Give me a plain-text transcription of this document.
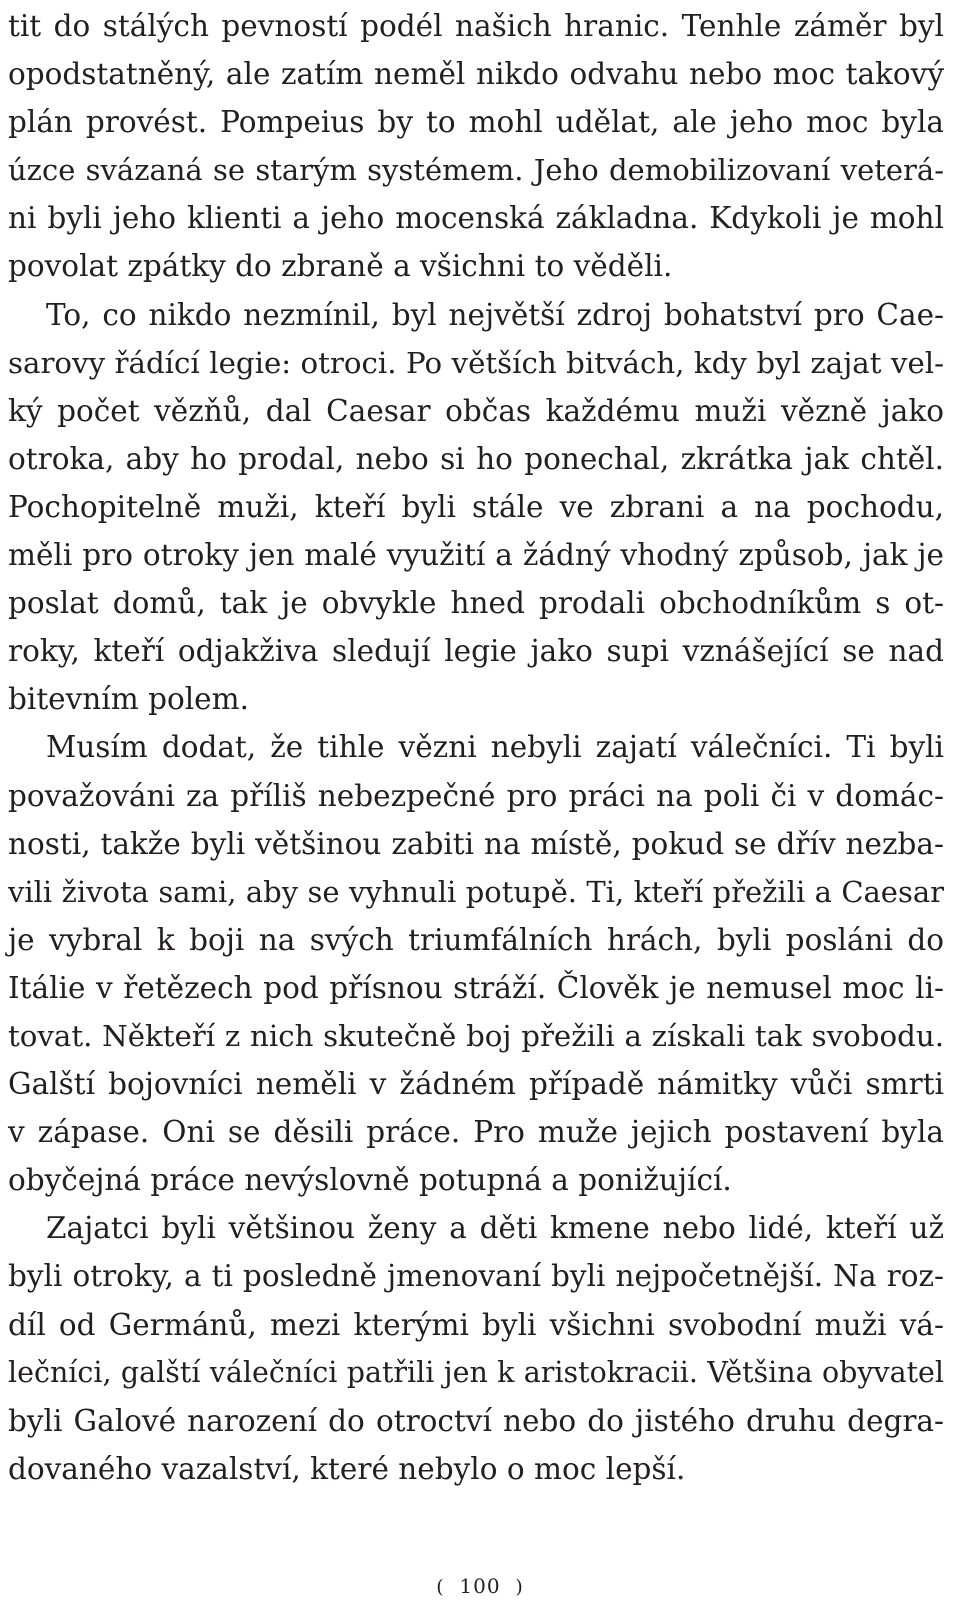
tit do stálých pevností podél našich hranic. Tenhle záměr byl
opodstatněný, ale zatím neměl nikdo odvahu nebo moc takový
plán provést. Pompeius by to mohl udělat, ale jeho moc byla
úzce svázaná se starým systémem. Jeho demobilizovaní veterá-
ni byli jeho klienti a jeho mocenská základna. Kdykoli je mohl
povolat zpátky do zbraně a všichni to věděli.
To, co nikdo nezmínil, byl největší zdroj bohatství pro Cae-
sarovy řádící legie: otroci. Po větších bitvách, kdy byl zajat vel-
ký počet vězňů, dal Caesar občas každému muži vězně jako
otroka, aby ho prodal, nebo si ho ponechal, zkrátka jak chtěl.
Pochopitelně muži, kteří byli stále ve zbrani a na pochodu,
měli pro otroky jen malé využití a žádný vhodný způsob, jak je
poslat domů, tak je obvykle hned prodali obchodníkům s ot-
roky, kteří odjakživa sledují legie jako supi vznášející se nad
bitevním polem.
Musím dodat, že tihle vězni nebyli zajatí válečníci. Ti byli
považováni za příliš nebezpečné pro práci na poli či v domác-
nosti, takže byli většinou zabiti na místě, pokud se dřív nezba-
vili života sami, aby se vyhnuli potupě. Ti, kteří přežili a Caesar
je vybral k boji na svých triumfálních hrách, byli posláni do
Itálie v řetězech pod přísnou stráží. Člověk je nemusel moc li-
tovat. Někteří z nich skutečně boj přežili a získali tak svobodu.
Galští bojovníci neměli v žádném případě námitky vůči smrti
v zápase. Oni se děsili práce. Pro muže jejich postavení byla
obyčejná práce nevýslovně potupná a ponižující.
Zajatci byli většinou ženy a děti kmene nebo lidé, kteří už
byli otroky, a ti posledně jmenovaní byli nejpočetnější. Na roz-
díl od Germánů, mezi kterými byli všichni svobodní muži vá-
lečníci, galští válečníci patřili jen k aristokracii. Většina obyvatel
byli Galové narození do otroctví nebo do jistého druhu degra-
dovaného vazalství, které nebylo o moc lepší.
( 100 )
